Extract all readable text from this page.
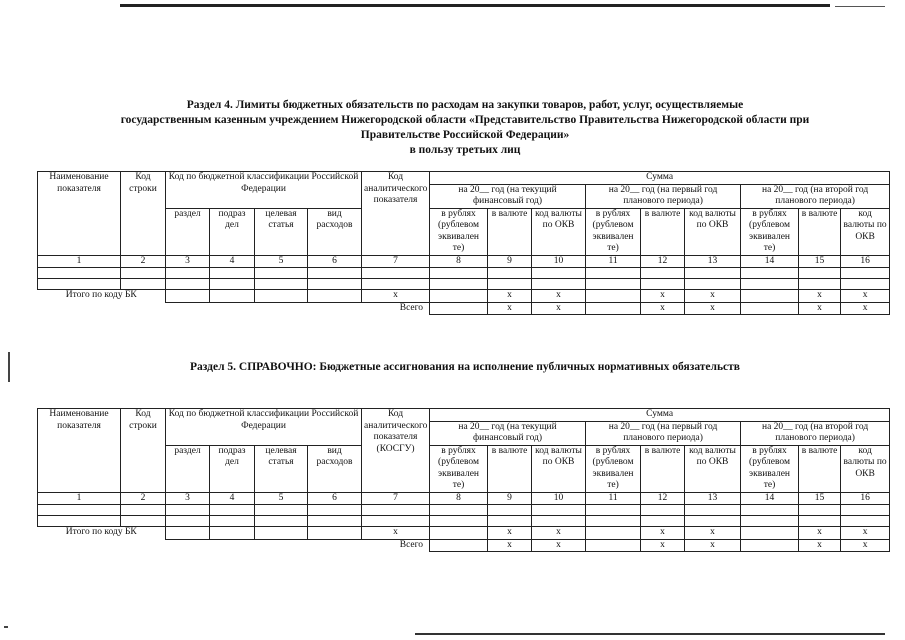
Раздел 4. Лимиты бюджетных обязательств по расходам на закупки товаров, работ, услуг, осуществляемые
государственным казенным учреждением Нижегородской области «Представительство Правительства Нижегородской области при
Правительстве Российской Федерации»
в пользу третьих лиц
Наименование показателя	Код строки	Код по бюджетной классификации Российской Федерации				Код аналитического показателя	Сумма								
							на 20__ год (на текущий финансовый год)			на 20__ год (на первый год планового периода)			на 20__ год (на второй год планового периода)		
		раздел	подраз дел	целевая статья	вид расходов		в рублях (рублевом эквивален те)	в валюте	код валюты по ОКВ	в рублях (рублевом эквивален те)	в валюте	код валюты по ОКВ	в рублях (рублевом эквивален те)	в валюте	код валюты по ОКВ
1	2	3	4	5	6	7	8	9	10	11	12	13	14	15	16

Итого по коду БК						x		x	x		x	x		x	x
						Всего		x	x		x	x		x	x
Раздел 5. СПРАВОЧНО: Бюджетные ассигнования на исполнение публичных нормативных обязательств
Наименование показателя	Код строки	Код по бюджетной классификации Российской Федерации				Код аналитического показателя (КОСГУ)	Сумма								
							на 20__ год (на текущий финансовый год)			на 20__ год (на первый год планового периода)			на 20__ год (на второй год планового периода)		
		раздел	подраз дел	целевая статья	вид расходов		в рублях (рублевом эквивален те)	в валюте	код валюты по ОКВ	в рублях (рублевом эквивален те)	в валюте	код валюты по ОКВ	в рублях (рублевом эквивален те)	в валюте	код валюты по ОКВ
1	2	3	4	5	6	7	8	9	10	11	12	13	14	15	16

Итого по коду БК						x		x	x		x	x		x	x
						Всего		x	x		x	x		x	x
